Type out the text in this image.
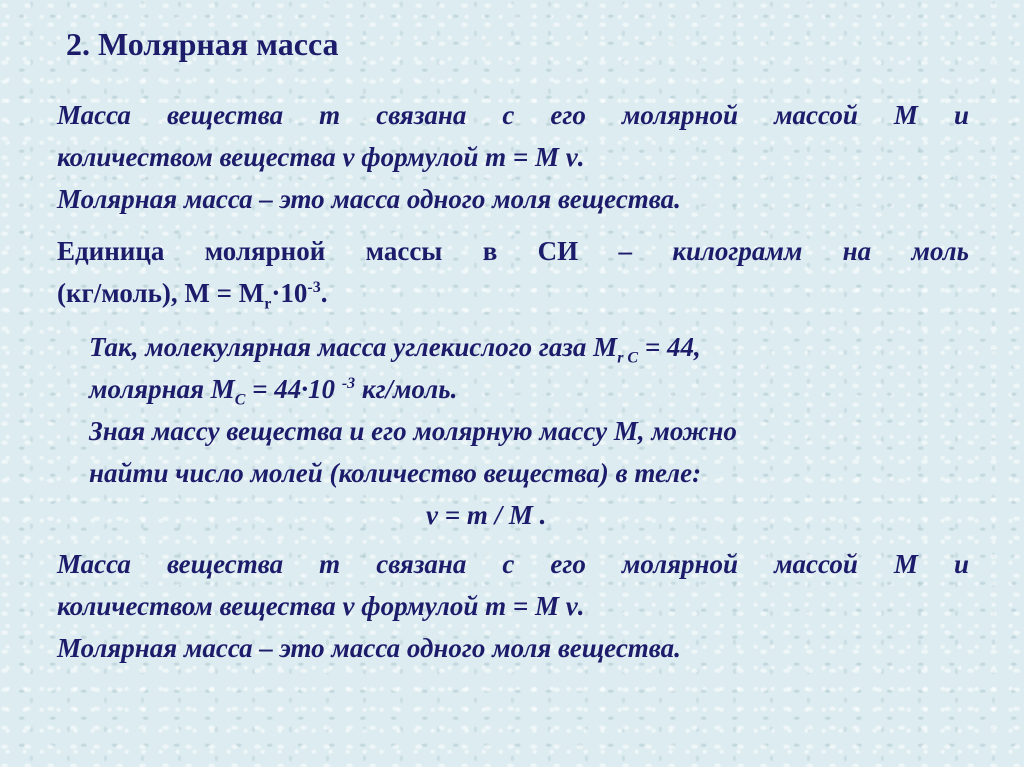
2. Молярная масса
Масса вещества m связана с его молярной массой M и
количеством вещества ν формулой m = M ν.
Молярная масса – это масса одного моля вещества.
Единица молярной массы в СИ – килограмм на моль
(кг/моль), $M = M_r\cdot 10^{-3}$.
Так, молекулярная масса углекислого газа $M_{r C} = 44$,
молярная $M_C = 44\cdot 10$ $^{-3}$ кг/моль.
Зная массу вещества и его молярную массу M, можно
найти число молей (количество вещества) в теле:
ν = m / M .
Масса вещества m связана с его молярной массой M и
количеством вещества ν формулой m = M ν.
Молярная масса – это масса одного моля вещества.
